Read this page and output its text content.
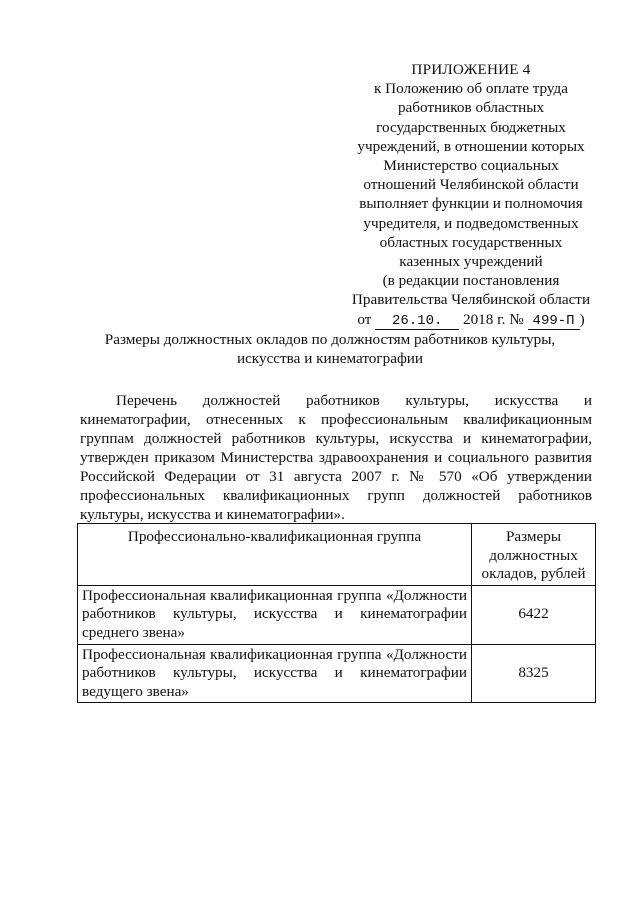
ПРИЛОЖЕНИЕ 4
к Положению об оплате труда
работников областных
государственных бюджетных
учреждений, в отношении которых
Министерство социальных
отношений Челябинской области
выполняет функции и полномочия
учредителя, и подведомственных
областных государственных
казенных учреждений
(в редакции постановления
Правительства Челябинской области
от 26.10. 2018 г. № 499-П )
Размеры должностных окладов по должностям работников культуры,
искусства и кинематографии
Перечень должностей работников культуры, искусства и кинематографии, отнесенных к профессиональным квалификационным группам должностей работников культуры, искусства и кинематографии, утвержден приказом Министерства здравоохранения и социального развития Российской Федерации от 31 августа 2007 г. № 570 «Об утверждении профессиональных квалификационных групп должностей работников культуры, искусства и кинематографии».
Профессионально-квалификационная группа	Размеры должностных окладов, рублей
Профессиональная квалификационная группа «Должности работников культуры, искусства и кинематографии среднего звена»	6422
Профессиональная квалификационная группа «Должности работников культуры, искусства и кинематографии ведущего звена»	8325
